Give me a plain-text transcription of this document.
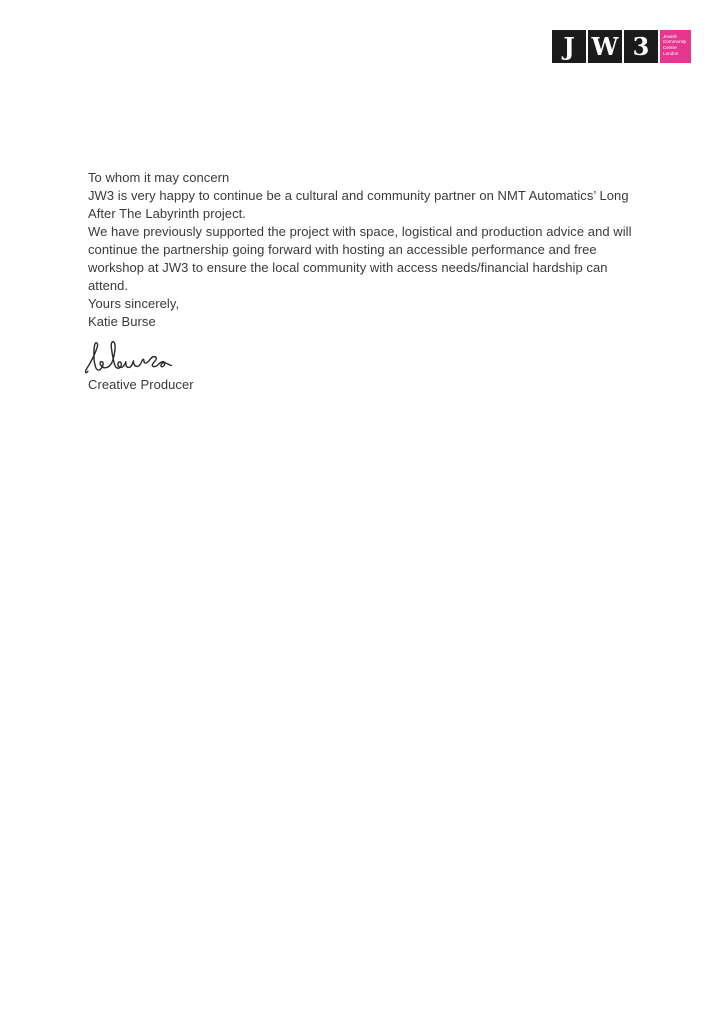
J W 3	Jewish
Community
Centre
London

To whom it may concern

JW3 is very happy to continue be a cultural and community partner on NMT Automatics’ Long
After The Labyrinth project.

We have previously supported the project with space, logistical and production advice and will
continue the partnership going forward with hosting an accessible performance and free
workshop at JW3 to ensure the local community with access needs/financial hardship can
attend.

Yours sincerely,

Katie Burse

Creative Producer
